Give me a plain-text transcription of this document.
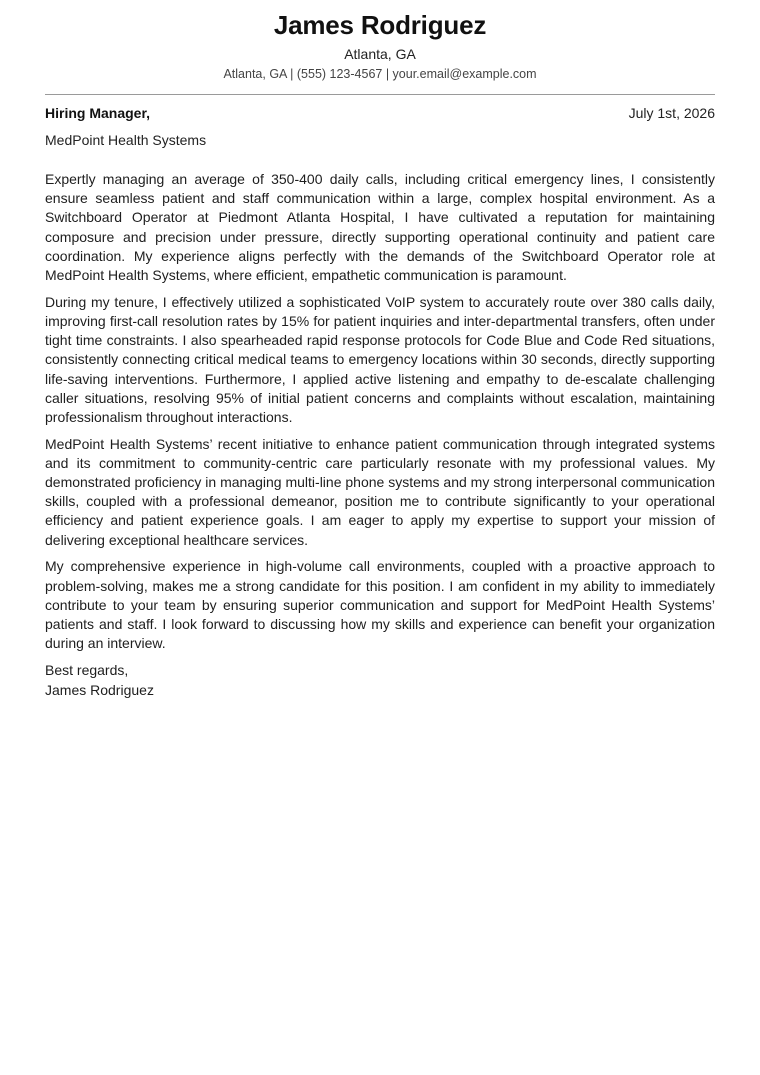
James Rodriguez
Atlanta, GA
Atlanta, GA | (555) 123-4567 | your.email@example.com
Hiring Manager,	July 1st, 2026
MedPoint Health Systems

Expertly managing an average of 350-400 daily calls, including critical emergency lines, I consistently ensure seamless patient and staff communication within a large, complex hospital environment. As a Switchboard Operator at Piedmont Atlanta Hospital, I have cultivated a reputation for maintaining composure and precision under pressure, directly supporting operational continuity and patient care coordination. My experience aligns perfectly with the demands of the Switchboard Operator role at MedPoint Health Systems, where efficient, empathetic communication is paramount.

During my tenure, I effectively utilized a sophisticated VoIP system to accurately route over 380 calls daily, improving first-call resolution rates by 15% for patient inquiries and inter-departmental transfers, often under tight time constraints. I also spearheaded rapid response protocols for Code Blue and Code Red situations, consistently connecting critical medical teams to emergency locations within 30 seconds, directly supporting life-saving interventions. Furthermore, I applied active listening and empathy to de-escalate challenging caller situations, resolving 95% of initial patient concerns and complaints without escalation, maintaining professionalism throughout interactions.

MedPoint Health Systems’ recent initiative to enhance patient communication through integrated systems and its commitment to community-centric care particularly resonate with my professional values. My demonstrated proficiency in managing multi-line phone systems and my strong interpersonal communication skills, coupled with a professional demeanor, position me to contribute significantly to your operational efficiency and patient experience goals. I am eager to apply my expertise to support your mission of delivering exceptional healthcare services.

My comprehensive experience in high-volume call environments, coupled with a proactive approach to problem-solving, makes me a strong candidate for this position. I am confident in my ability to immediately contribute to your team by ensuring superior communication and support for MedPoint Health Systems’ patients and staff. I look forward to discussing how my skills and experience can benefit your organization during an interview.

Best regards,
James Rodriguez
